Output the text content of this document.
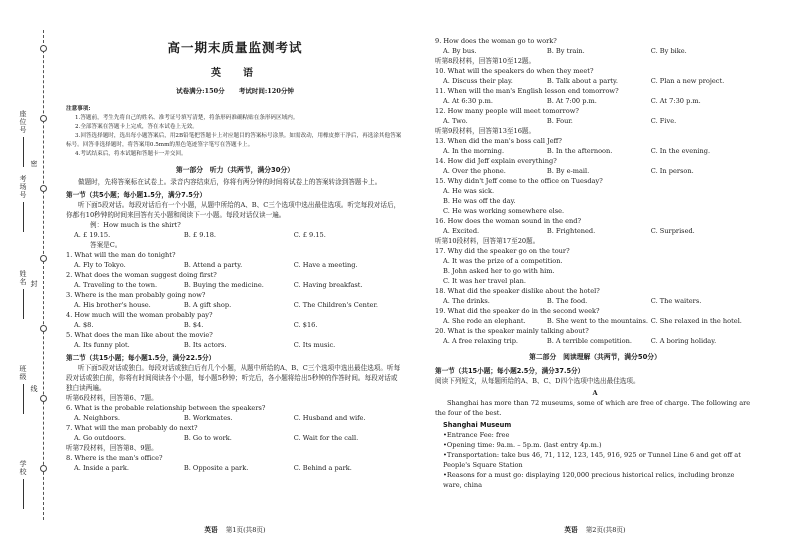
座位号
考场号
姓名
班级
学校
密
封
线
高一期末质量监测考试
英　语
试卷满分:150分 考试时间:120分钟
注意事项:

1.答题前，考生先将自己的姓名、准考证号填写清楚，将条形码准确粘贴在条形码区域内。

2.全部答案在答题卡上完成，答在本试卷上无效。

3.回答选择题时，选出每小题答案后，用2B铅笔把答题卡上对应题目的答案标号涂黑。如需改动，用橡皮擦干净后，再选涂其他答案标号。回答非选择题时，将答案用0.5mm的黑色笔迹签字笔写在答题卡上。

4.考试结束后，将本试题和答题卡一并交回。

第一部分　听力（共两节，满分30分）
做题时，先将答案标在试卷上。录音内容结束后，你将有两分钟的时间将试卷上的答案转涂到答题卡上。
第一节（共5小题；每小题1.5分，满分7.5分）
听下面5段对话。每段对话后有一个小题，从题中所给的A、B、C三个选项中选出最佳选项。听完每段对话后，你都有10秒钟的时间来回答有关小题和阅读下一小题。每段对话仅读一遍。
例：How much is the shirt?
A. £ 19.15.	B. £ 9.18.	C. £ 9.15.
答案是C。
1. What will the man do tonight?
A. Fly to Tokyo.	B. Attend a party.	C. Have a meeting.
2. What does the woman suggest doing first?
A. Traveling to the town.	B. Buying the medicine.	C. Having breakfast.
3. Where is the man probably going now?
A. His brother's house.	B. A gift shop.	C. The Children's Center.
4. How much will the woman probably pay?
A. $8.	B. $4.	C. $16.
5. What does the man like about the movie?
A. Its funny plot.	B. Its actors.	C. Its music.
第二节（共15小题；每小题1.5分，满分22.5分）
听下面5段对话或独白。每段对话或独白后有几个小题，从题中所给的A、B、C三个选项中选出最佳选项。听每段对话或独白前，你将有时间阅读各个小题，每小题5秒钟；听完后，各小题将给出5秒钟的作答时间。每段对话或独白读两遍。
听第6段材料，回答第6、7题。
6. What is the probable relationship between the speakers?
A. Neighbors.	B. Workmates.	C. Husband and wife.
7. What will the man probably do next?
A. Go outdoors.	B. Go to work.	C. Wait for the call.
听第7段材料，回答第8、9题。
8. Where is the man's office?
A. Inside a park.	B. Opposite a park.	C. Behind a park.
英语 第1页(共8页)
9. How does the woman go to work?
A. By bus.	B. By train.	C. By bike.
听第8段材料，回答第10至12题。
10. What will the speakers do when they meet?
A. Discuss their play.	B. Talk about a party.	C. Plan a new project.
11. When will the man's English lesson end tomorrow?
A. At 6:30 p.m.	B. At 7:00 p.m.	C. At 7:30 p.m.
12. How many people will meet tomorrow?
A. Two.	B. Four.	C. Five.
听第9段材料，回答第13至16题。
13. When did the man's boss call Jeff?
A. In the morning.	B. In the afternoon.	C. In the evening.
14. How did Jeff explain everything?
A. Over the phone.	B. By e-mail.	C. In person.
15. Why didn't Jeff come to the office on Tuesday?
A. He was sick.
B. He was off the day.
C. He was working somewhere else.
16. How does the woman sound in the end?
A. Excited.	B. Frightened.	C. Surprised.
听第10段材料，回答第17至20题。
17. Why did the speaker go on the tour?
A. It was the prize of a competition.
B. John asked her to go with him.
C. It was her travel plan.
18. What did the speaker dislike about the hotel?
A. The drinks.	B. The food.	C. The waiters.
19. What did the speaker do in the second week?
A. She rode an elephant.	B. She went to the mountains. C. She relaxed in the hotel.
20. What is the speaker mainly talking about?
A. A free relaxing trip.	B. A terrible competition.	C. A boring holiday.
第二部分　阅读理解（共两节，满分50分）
第一节（共15小题；每小题2.5分，满分37.5分）
阅读下列短文，从每题所给的A、B、C、D四个选项中选出最佳选项。
A
Shanghai has more than 72 museums, some of which are free of charge. The following are the four of the best.
Shanghai Museum
•Entrance Fee: free
•Opening time: 9a.m. – 5p.m. (last entry 4p.m.)
•Transportation: take bus 46, 71, 112, 123, 145, 916, 925 or Tunnel Line 6 and get off at People's Square Station
•Reasons for a must go: displaying 120,000 precious historical relics, including bronze ware, china
英语 第2页(共8页)
